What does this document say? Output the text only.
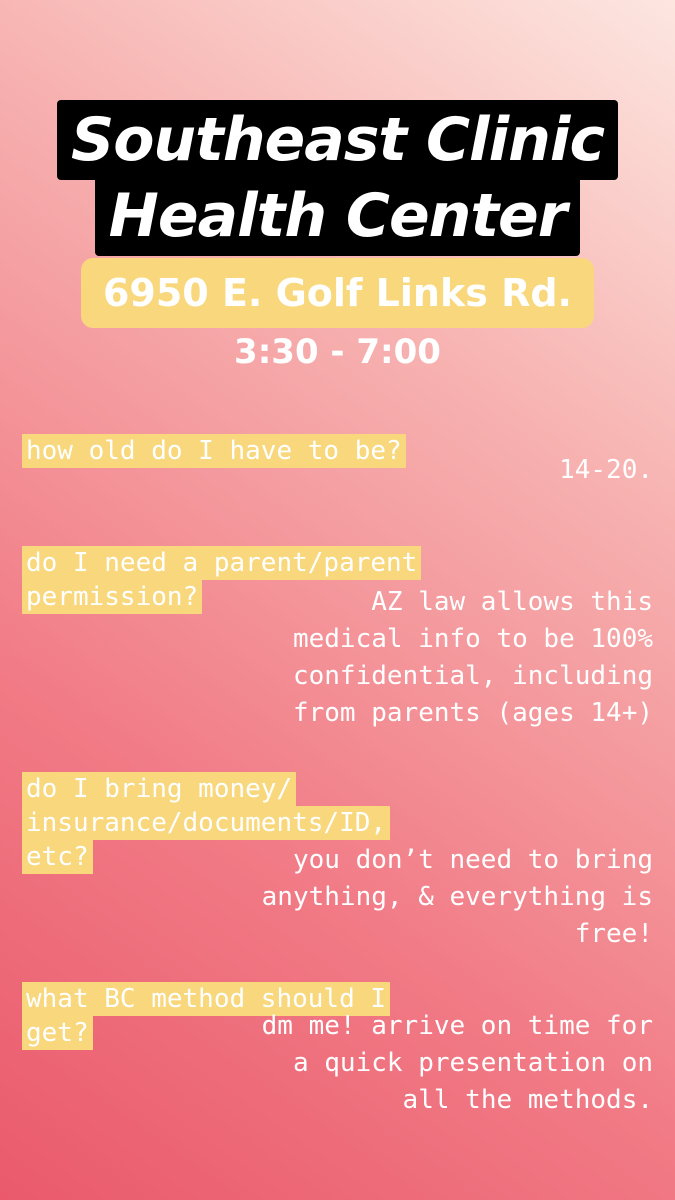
Southeast Clinic
Health Center
6950 E. Golf Links Rd.
3:30 - 7:00

how old do I have to be?

14-20.

do I need a parent/parent
permission?	AZ law allows this
medical info to be 100%
confidential, including
from parents (ages 14+)

do I bring money/
insurance/documents/ID,
etc?	you don’t need to bring
anything, & everything is
free!

what BC method should I
get?	dm me! arrive on time for
a quick presentation on
all the methods.
